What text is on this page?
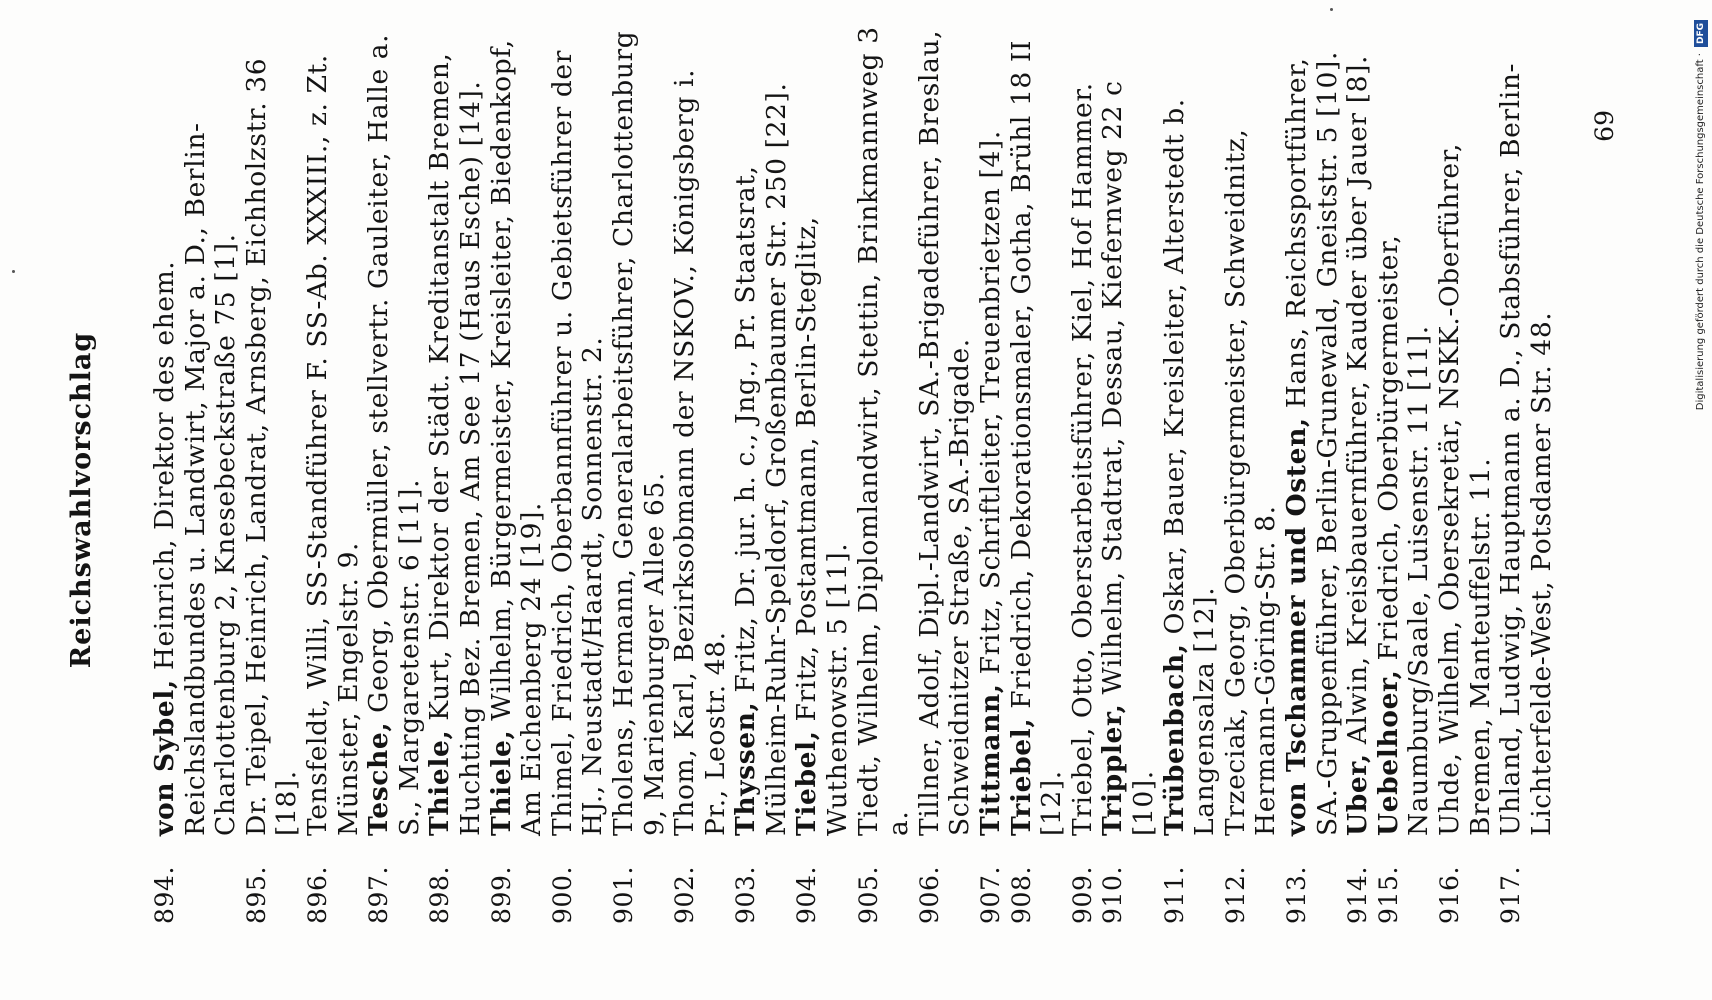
Reichswahlvorschlag
894.
von Sybel, Heinrich, Direktor des ehem. Reichslandbundes u. Landwirt, Major a. D., Berlin-Charlottenburg 2, Knesebeckstraße 75 [1].
895.
Dr. Teipel, Heinrich, Landrat, Arnsberg, Eichholzstr. 36 [18].
896.
Tensfeldt, Willi, SS-Standführer F. SS-Ab. XXXIII., z. Zt. Münster, Engelstr. 9.
897.
Tesche, Georg, Obermüller, stellvertr. Gauleiter, Halle a. S., Margaretenstr. 6 [11].
898.
Thiele, Kurt, Direktor der Städt. Kreditanstalt Bremen, Huchting Bez. Bremen, Am See 17 (Haus Esche) [14].
899.
Thiele, Wilhelm, Bürgermeister, Kreisleiter, Biedenkopf, Am Eichenberg 24 [19].
900.
Thimel, Friedrich, Oberbannführer u. Gebietsführer der HJ., Neustadt/Haardt, Sonnenstr. 2.
901.
Tholens, Hermann, Generalarbeitsführer, Charlottenburg 9, Marienburger Allee 65.
902.
Thom, Karl, Bezirksobmann der NSKOV., Königsberg i. Pr., Leostr. 48.
903.
Thyssen, Fritz, Dr. jur. h. c., Jng., Pr. Staatsrat, Mülheim-Ruhr-Speldorf, Großenbaumer Str. 250 [22].
904.
Tiebel, Fritz, Postamtmann, Berlin-Steglitz, Wuthenowstr. 5 [11].
905.
Tiedt, Wilhelm, Diplomlandwirt, Stettin, Brinkmannweg 3 a.
906.
Tillner, Adolf, Dipl.-Landwirt, SA.-Brigadeführer, Breslau, Schweidnitzer Straße, SA.-Brigade.
907.
Tittmann, Fritz, Schriftleiter, Treuenbrietzen [4].
908.
Triebel, Friedrich, Dekorationsmaler, Gotha, Brühl 18 II [12].
909.
Triebel, Otto, Oberstarbeitsführer, Kiel, Hof Hammer.
910.
Trippler, Wilhelm, Stadtrat, Dessau, Kiefernweg 22 c [10].
911.
Trübenbach, Oskar, Bauer, Kreisleiter, Alterstedt b. Langensalza [12].
912.
Trzeciak, Georg, Oberbürgermeister, Schweidnitz, Hermann-Göring-Str. 8.
913.
von Tschammer und Osten, Hans, Reichssportführer, SA.-Gruppenführer, Berlin-Grunewald, Gneiststr. 5 [10].
914.
Uber, Alwin, Kreisbauernführer, Kauder über Jauer [8].
915.
Uebelhoer, Friedrich, Oberbürgermeister, Naumburg/Saale, Luisenstr. 11 [11].
916.
Uhde, Wilhelm, Obersekretär, NSKK.-Oberführer, Bremen, Manteuffelstr. 11.
917.
Uhland, Ludwig, Hauptmann a. D., Stabsführer, Berlin-Lichterfelde-West, Potsdamer Str. 48.
69	Digitalisierung gefördert durch die Deutsche Forschungsgemeinschaft ·DFG
